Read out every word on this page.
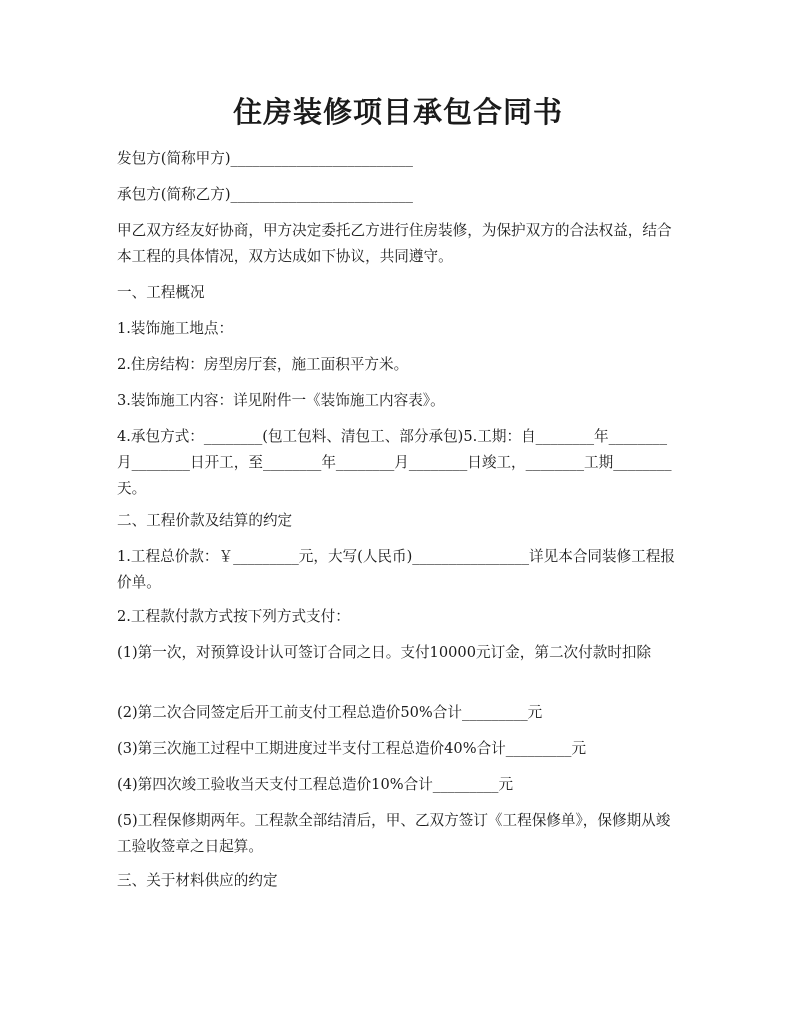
住房装修项目承包合同书
发包方(简称甲方)_________________________
承包方(简称乙方)_________________________
甲乙双方经友好协商，甲方决定委托乙方进行住房装修，为保护双方的合法权益，结合本工程的具体情况，双方达成如下协议，共同遵守。
一、工程概况
1.装饰施工地点：
2.住房结构：房型房厅套，施工面积平方米。
3.装饰施工内容：详见附件一《装饰施工内容表》。
4.承包方式：________(包工包料、清包工、部分承包)5.工期：自________年________月________日开工，至________年________月________日竣工，________工期________天。
二、工程价款及结算的约定
1.工程总价款：￥_________元，大写(人民币)________________详见本合同装修工程报价单。
2.工程款付款方式按下列方式支付：
(1)第一次，对预算设计认可签订合同之日。支付10000元订金，第二次付款时扣除
(2)第二次合同签定后开工前支付工程总造价50%合计_________元
(3)第三次施工过程中工期进度过半支付工程总造价40%合计_________元
(4)第四次竣工验收当天支付工程总造价10%合计_________元
(5)工程保修期两年。工程款全部结清后，甲、乙双方签订《工程保修单》，保修期从竣工验收签章之日起算。
三、关于材料供应的约定
